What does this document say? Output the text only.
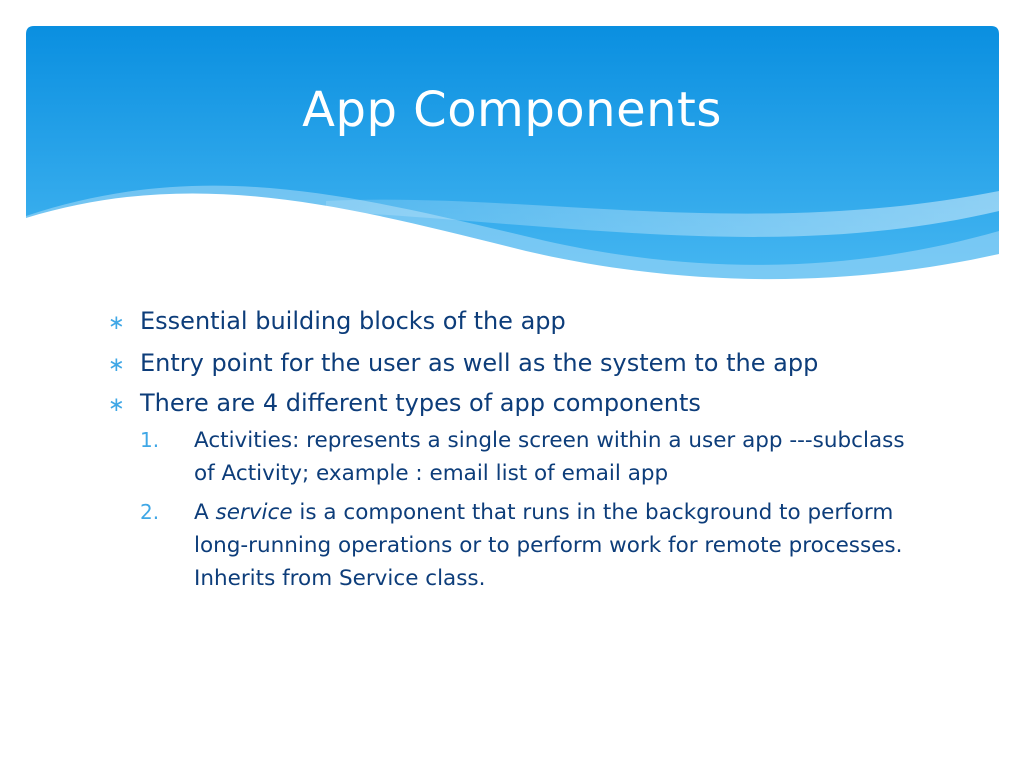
App Components
∗ Essential building blocks of the app
∗ Entry point for the user as well as the system to the app
∗ There are 4 different types of app components
1. Activities: represents a single screen within a user app ---subclass of Activity; example : email list of email app
2. A service is a component that runs in the background to perform long-running operations or to perform work for remote processes. Inherits from Service class.
